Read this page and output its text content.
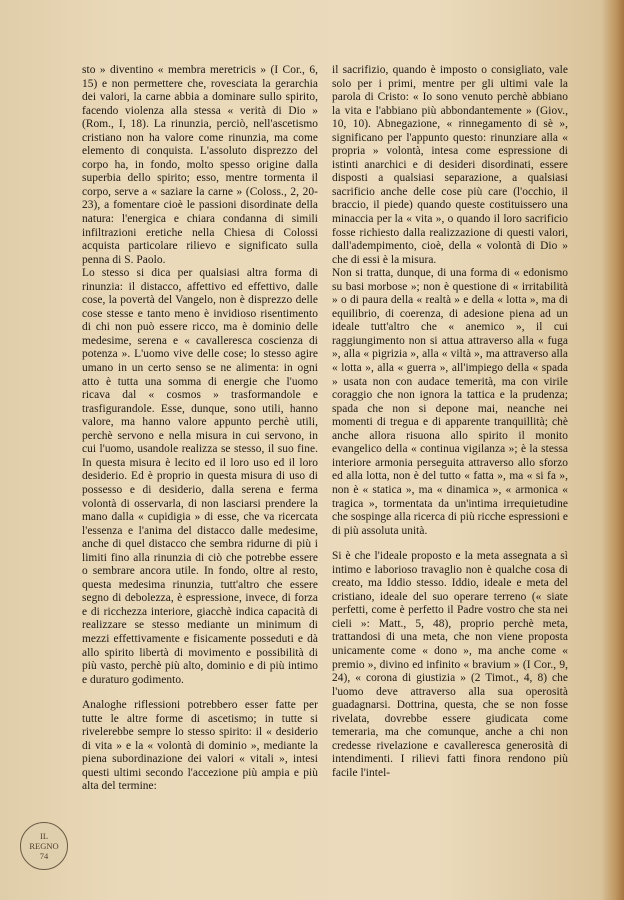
sto » diventino « membra meretricis » (I Cor., 6, 15) e non permettere che, rovesciata la gerarchia dei valori, la carne abbia a dominare sullo spirito, facendo violenza alla stessa « verità di Dio » (Rom., I, 18). La rinunzia, perciò, nell'ascetismo cristiano non ha valore come rinunzia, ma come elemento di conquista. L'assoluto disprezzo del corpo ha, in fondo, molto spesso origine dalla superbia dello spirito; esso, mentre tormenta il corpo, serve a « saziare la carne » (Coloss., 2, 20-23), a fomentare cioè le passioni disordinate della natura: l'energica e chiara condanna di simili infiltrazioni eretiche nella Chiesa di Colossi acquista particolare rilievo e significato sulla penna di S. Paolo.

Lo stesso si dica per qualsiasi altra forma di rinunzia: il distacco, affettivo ed effettivo, dalle cose, la povertà del Vangelo, non è disprezzo delle cose stesse e tanto meno è invidioso risentimento di chi non può essere ricco, ma è dominio delle medesime, serena e « cavalleresca coscienza di potenza ». L'uomo vive delle cose; lo stesso agire umano in un certo senso se ne alimenta: in ogni atto è tutta una somma di energie che l'uomo ricava dal « cosmos » trasformandole e trasfigurandole. Esse, dunque, sono utili, hanno valore, ma hanno valore appunto perchè utili, perchè servono e nella misura in cui servono, in cui l'uomo, usandole realizza se stesso, il suo fine. In questa misura è lecito ed il loro uso ed il loro desiderio. Ed è proprio in questa misura di uso di possesso e di desiderio, dalla serena e ferma volontà di osservarla, di non lasciarsi prendere la mano dalla « cupidigia » di esse, che va ricercata l'essenza e l'anima del distacco dalle medesime, anche di quel distacco che sembra ridurne di più i limiti fino alla rinunzia di ciò che potrebbe essere o sembrare ancora utile. In fondo, oltre al resto, questa medesima rinunzia, tutt'altro che essere segno di debolezza, è espressione, invece, di forza e di ricchezza interiore, giacchè indica capacità di realizzare se stesso mediante un minimum di mezzi effettivamente e fisicamente posseduti e dà allo spirito libertà di movimento e possibilità di più vasto, perchè più alto, dominio e di più intimo e duraturo godimento.

Analoghe riflessioni potrebbero esser fatte per tutte le altre forme di ascetismo; in tutte si rivelerebbe sempre lo stesso spirito: il « desiderio di vita » e la « volontà di dominio », mediante la piena subordinazione dei valori « vitali », intesi questi ultimi secondo l'accezione più ampia e più alta del termine:

il sacrifizio, quando è imposto o consigliato, vale solo per i primi, mentre per gli ultimi vale la parola di Cristo: « Io sono venuto perchè abbiano la vita e l'abbiano più abbondantemente » (Giov., 10, 10). Abnegazione, « rinnegamento di sè », significano per l'appunto questo: rinunziare alla « propria » volontà, intesa come espressione di istinti anarchici e di desideri disordinati, essere disposti a qualsiasi separazione, a qualsiasi sacrificio anche delle cose più care (l'occhio, il braccio, il piede) quando queste costituissero una minaccia per la « vita », o quando il loro sacrificio fosse richiesto dalla realizzazione di questi valori, dall'adempimento, cioè, della « volontà di Dio » che di essi è la misura.

Non si tratta, dunque, di una forma di « edonismo su basi morbose »; non è questione di « irritabilità » o di paura della « realtà » e della « lotta », ma di equilibrio, di coerenza, di adesione piena ad un ideale tutt'altro che « anemico », il cui raggiungimento non si attua attraverso alla « fuga », alla « pigrizia », alla « viltà », ma attraverso alla « lotta », alla « guerra », all'impiego della « spada » usata non con audace temerità, ma con virile coraggio che non ignora la tattica e la prudenza; spada che non si depone mai, neanche nei momenti di tregua e di apparente tranquillità; chè anche allora risuona allo spirito il monito evangelico della « continua vigilanza »; è la stessa interiore armonia perseguita attraverso allo sforzo ed alla lotta, non è del tutto « fatta », ma « si fa », non è « statica », ma « dinamica », « armonica « tragica », tormentata da un'intima irrequietudine che sospinge alla ricerca di più ricche espressioni e di più assoluta unità.

Si è che l'ideale proposto e la meta assegnata a sì intimo e laborioso travaglio non è qualche cosa di creato, ma Iddio stesso. Iddio, ideale e meta del cristiano, ideale del suo operare terreno (« siate perfetti, come è perfetto il Padre vostro che sta nei cieli »: Matt., 5, 48), proprio perchè meta, trattandosi di una meta, che non viene proposta unicamente come « dono », ma anche come « premio », divino ed infinito « bravium » (I Cor., 9, 24), « corona di giustizia » (2 Timot., 4, 8) che l'uomo deve attraverso alla sua operosità guadagnarsi. Dottrina, questa, che se non fosse rivelata, dovrebbe essere giudicata come temeraria, ma che comunque, anche a chi non credesse rivelazione e cavalleresca generosità di intendimenti. I rilievi fatti finora rendono più facile l'intel-

IL
REGNO
74
